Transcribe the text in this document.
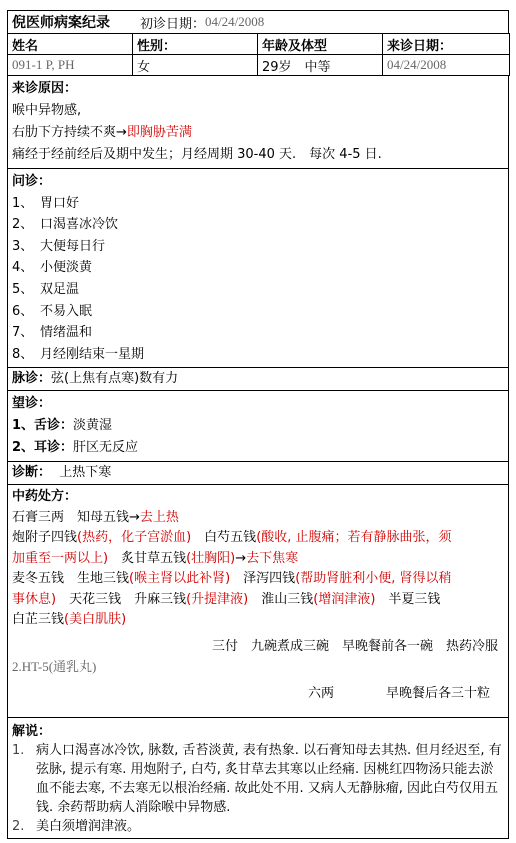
倪医师病案纪录 初诊日期： 04/24/2008
姓名	性别：	年龄及体型	来诊日期：
091-1 P, PH	女	29岁　中等	04/24/2008
来诊原因：
喉中异物感,
右肋下方持续不爽→即胸胁苦满
痛经于经前经后及期中发生；月经周期 30-40 天.　每次 4-5 日.
问诊：
1、 胃口好
2、 口渴喜冰冷饮
3、 大便每日行
4、 小便淡黄
5、 双足温
6、 不易入眠
7、 情绪温和
8、 月经刚结束一星期
脉诊：弦(上焦有点寒)数有力
望诊：
1、舌诊：淡黄湿
2、耳诊：肝区无反应
诊断： 上热下寒
中药处方：
石膏三两　知母五钱→去上热
炮附子四钱(热药，化子宫淤血)　白芍五钱(酸收, 止腹痛；若有静脉曲张，须
加重至一两以上)　炙甘草五钱(壮胸阳)→去下焦寒
麦冬五钱　生地三钱(喉主肾以此补肾)　泽泻四钱(帮助肾脏利小便, 肾得以稍
事休息)　天花三钱　升麻三钱(升提津液)　淮山三钱(增润津液)　半夏三钱
白芷三钱(美白肌肤)
三付　九碗煮成三碗　早晚餐前各一碗　热药冷服
2.HT-5(通乳丸)
六两　　　　早晚餐后各三十粒
解说：
1. 病人口渴喜冰冷饮, 脉数, 舌苔淡黄, 表有热象. 以石膏知母去其热. 但月经迟至, 有弦脉, 提示有寒. 用炮附子, 白芍, 炙甘草去其寒以止经痛. 因桃红四物汤只能去淤血不能去寒, 不去寒无以根治经痛. 故此处不用. 又病人无静脉瘤, 因此白芍仅用五钱. 余药帮助病人消除喉中异物感.
2. 美白须增润津液。
